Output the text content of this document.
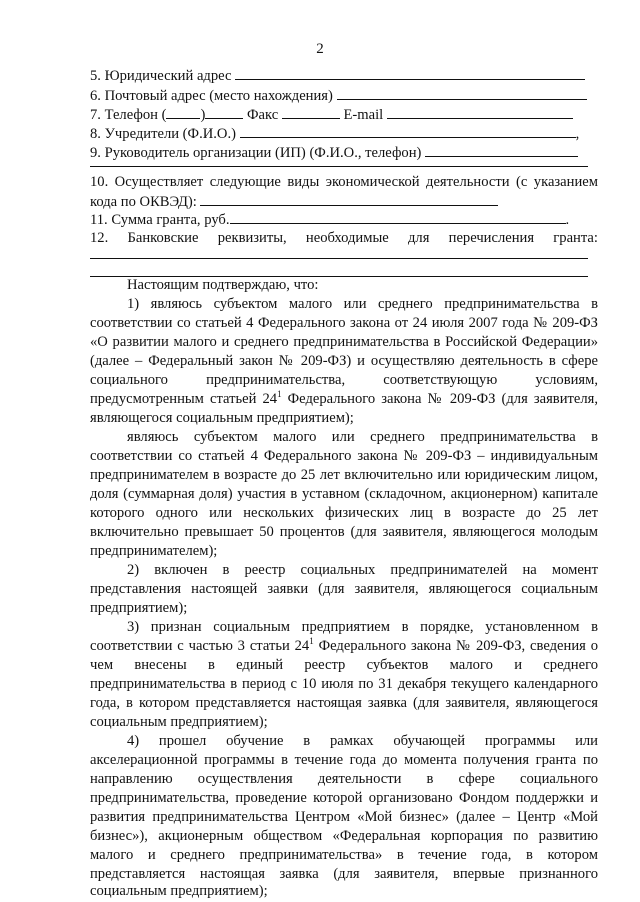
2
5. Юридический адрес
6. Почтовый адрес (место нахождения)
7. Телефон ( )	Факс	E-mail
8. Учредители (Ф.И.О.)	,
9. Руководитель организации (ИП) (Ф.И.О., телефон)
10. Осуществляет следующие виды экономической деятельности (с указанием
кода по ОКВЭД):
11. Сумма гранта, руб.	.
12. Банковские реквизиты, необходимые для перечисления гранта:
Настоящим подтверждаю, что:
1) являюсь субъектом малого или среднего предпринимательства в
соответствии со статьей 4 Федерального закона от 24 июля 2007 года № 209-ФЗ
«О развитии малого и среднего предпринимательства в Российской Федерации»
(далее – Федеральный закон № 209-ФЗ) и осуществляю деятельность в сфере
социального предпринимательства, соответствующую условиям,
предусмотренным статьей $24^1$ Федерального закона № 209-ФЗ (для заявителя,
являющегося социальным предприятием);
являюсь субъектом малого или среднего предпринимательства в
соответствии со статьей 4 Федерального закона № 209-ФЗ – индивидуальным
предпринимателем в возрасте до 25 лет включительно или юридическим лицом,
доля (суммарная доля) участия в уставном (складочном, акционерном) капитале
которого одного или нескольких физических лиц в возрасте до 25 лет
включительно превышает 50 процентов (для заявителя, являющегося молодым
предпринимателем);
2) включен в реестр социальных предпринимателей на момент
представления настоящей заявки (для заявителя, являющегося социальным
предприятием);
3) признан социальным предприятием в порядке, установленном в
соответствии с частью 3 статьи $24^1$ Федерального закона № 209-ФЗ, сведения о
чем внесены в единый реестр субъектов малого и среднего
предпринимательства в период с 10 июля по 31 декабря текущего календарного
года, в котором представляется настоящая заявка (для заявителя, являющегося
социальным предприятием);
4) прошел обучение в рамках обучающей программы или
акселерационной программы в течение года до момента получения гранта по
направлению осуществления деятельности в сфере социального
предпринимательства, проведение которой организовано Фондом поддержки и
развития предпринимательства Центром «Мой бизнес» (далее – Центр «Мой
бизнес»), акционерным обществом «Федеральная корпорация по развитию
малого и среднего предпринимательства» в течение года, в котором
представляется настоящая заявка (для заявителя, впервые признанного
социальным предприятием);
